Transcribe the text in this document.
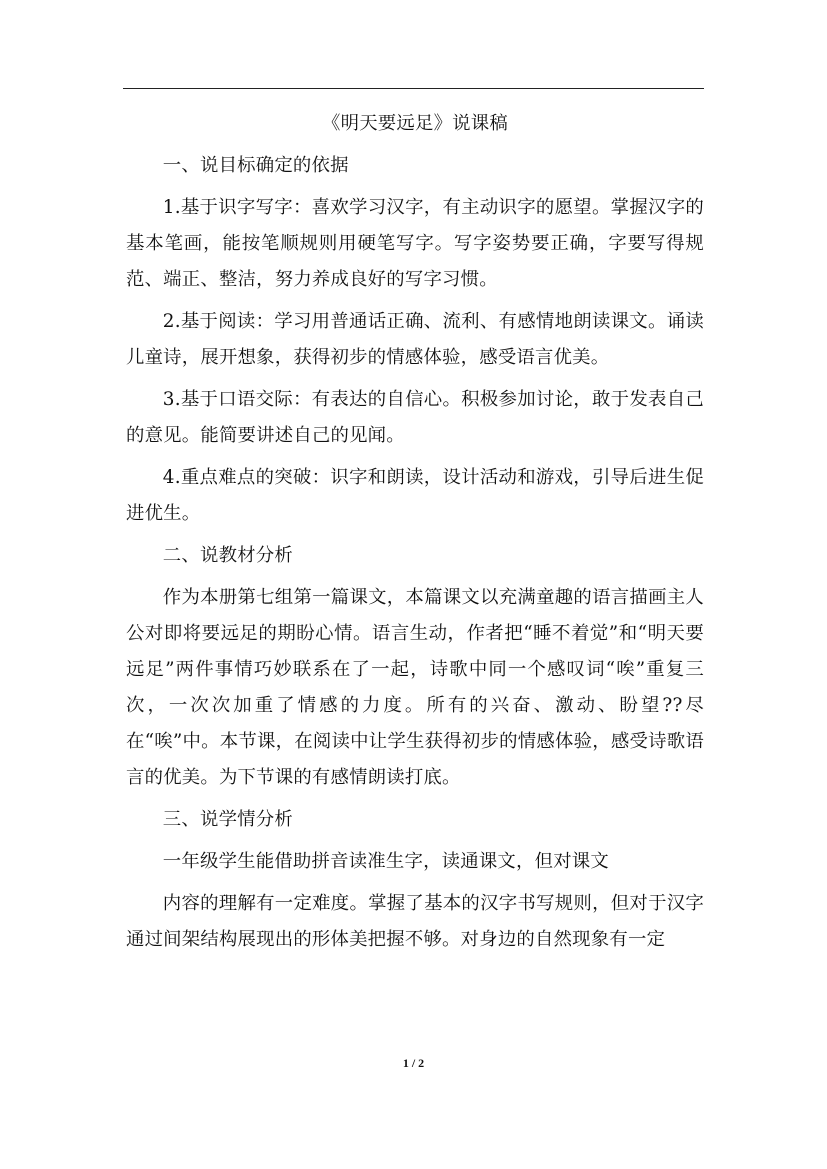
《明天要远足》说课稿
一、说目标确定的依据
1.基于识字写字：喜欢学习汉字，有主动识字的愿望。掌握汉字的基本笔画，能按笔顺规则用硬笔写字。写字姿势要正确，字要写得规范、端正、整洁，努力养成良好的写字习惯。
2.基于阅读：学习用普通话正确、流利、有感情地朗读课文。诵读儿童诗，展开想象，获得初步的情感体验，感受语言优美。
3.基于口语交际：有表达的自信心。积极参加讨论，敢于发表自己的意见。能简要讲述自己的见闻。
4.重点难点的突破：识字和朗读，设计活动和游戏，引导后进生促进优生。
二、说教材分析
作为本册第七组第一篇课文，本篇课文以充满童趣的语言描画主人公对即将要远足的期盼心情。语言生动，作者把“睡不着觉”和“明天要远足”两件事情巧妙联系在了一起，诗歌中同一个感叹词“唉”重复三次，一次次加重了情感的力度。所有的兴奋、激动、盼望??尽在“唉”中。本节课，在阅读中让学生获得初步的情感体验，感受诗歌语言的优美。为下节课的有感情朗读打底。
三、说学情分析
一年级学生能借助拼音读准生字，读通课文，但对课文
内容的理解有一定难度。掌握了基本的汉字书写规则，但对于汉字通过间架结构展现出的形体美把握不够。对身边的自然现象有一定
1 / 2
